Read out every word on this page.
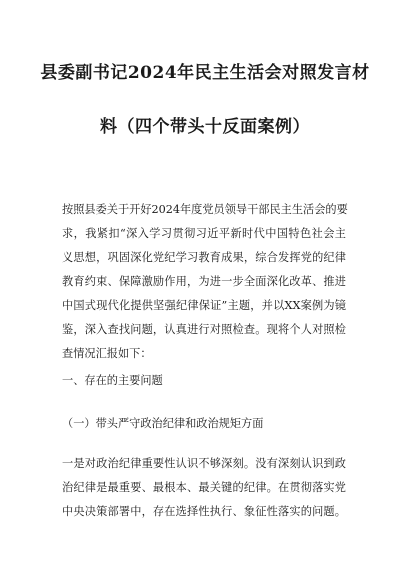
县委副书记2024年民主生活会对照发言材
料（四个带头十反面案例）
按照县委关于开好2024年度党员领导干部民主生活会的要
求，我紧扣“深入学习贯彻习近平新时代中国特色社会主
义思想，巩固深化党纪学习教育成果，综合发挥党的纪律
教育约束、保障激励作用，为进一步全面深化改革、推进
中国式现代化提供坚强纪律保证”主题，并以XX案例为镜
鉴，深入查找问题，认真进行对照检查。现将个人对照检
查情况汇报如下：

一、存在的主要问题

（一）带头严守政治纪律和政治规矩方面

一是对政治纪律重要性认识不够深刻。没有深刻认识到政
治纪律是最重要、最根本、最关键的纪律。在贯彻落实党
中央决策部署中，存在选择性执行、象征性落实的问题。
